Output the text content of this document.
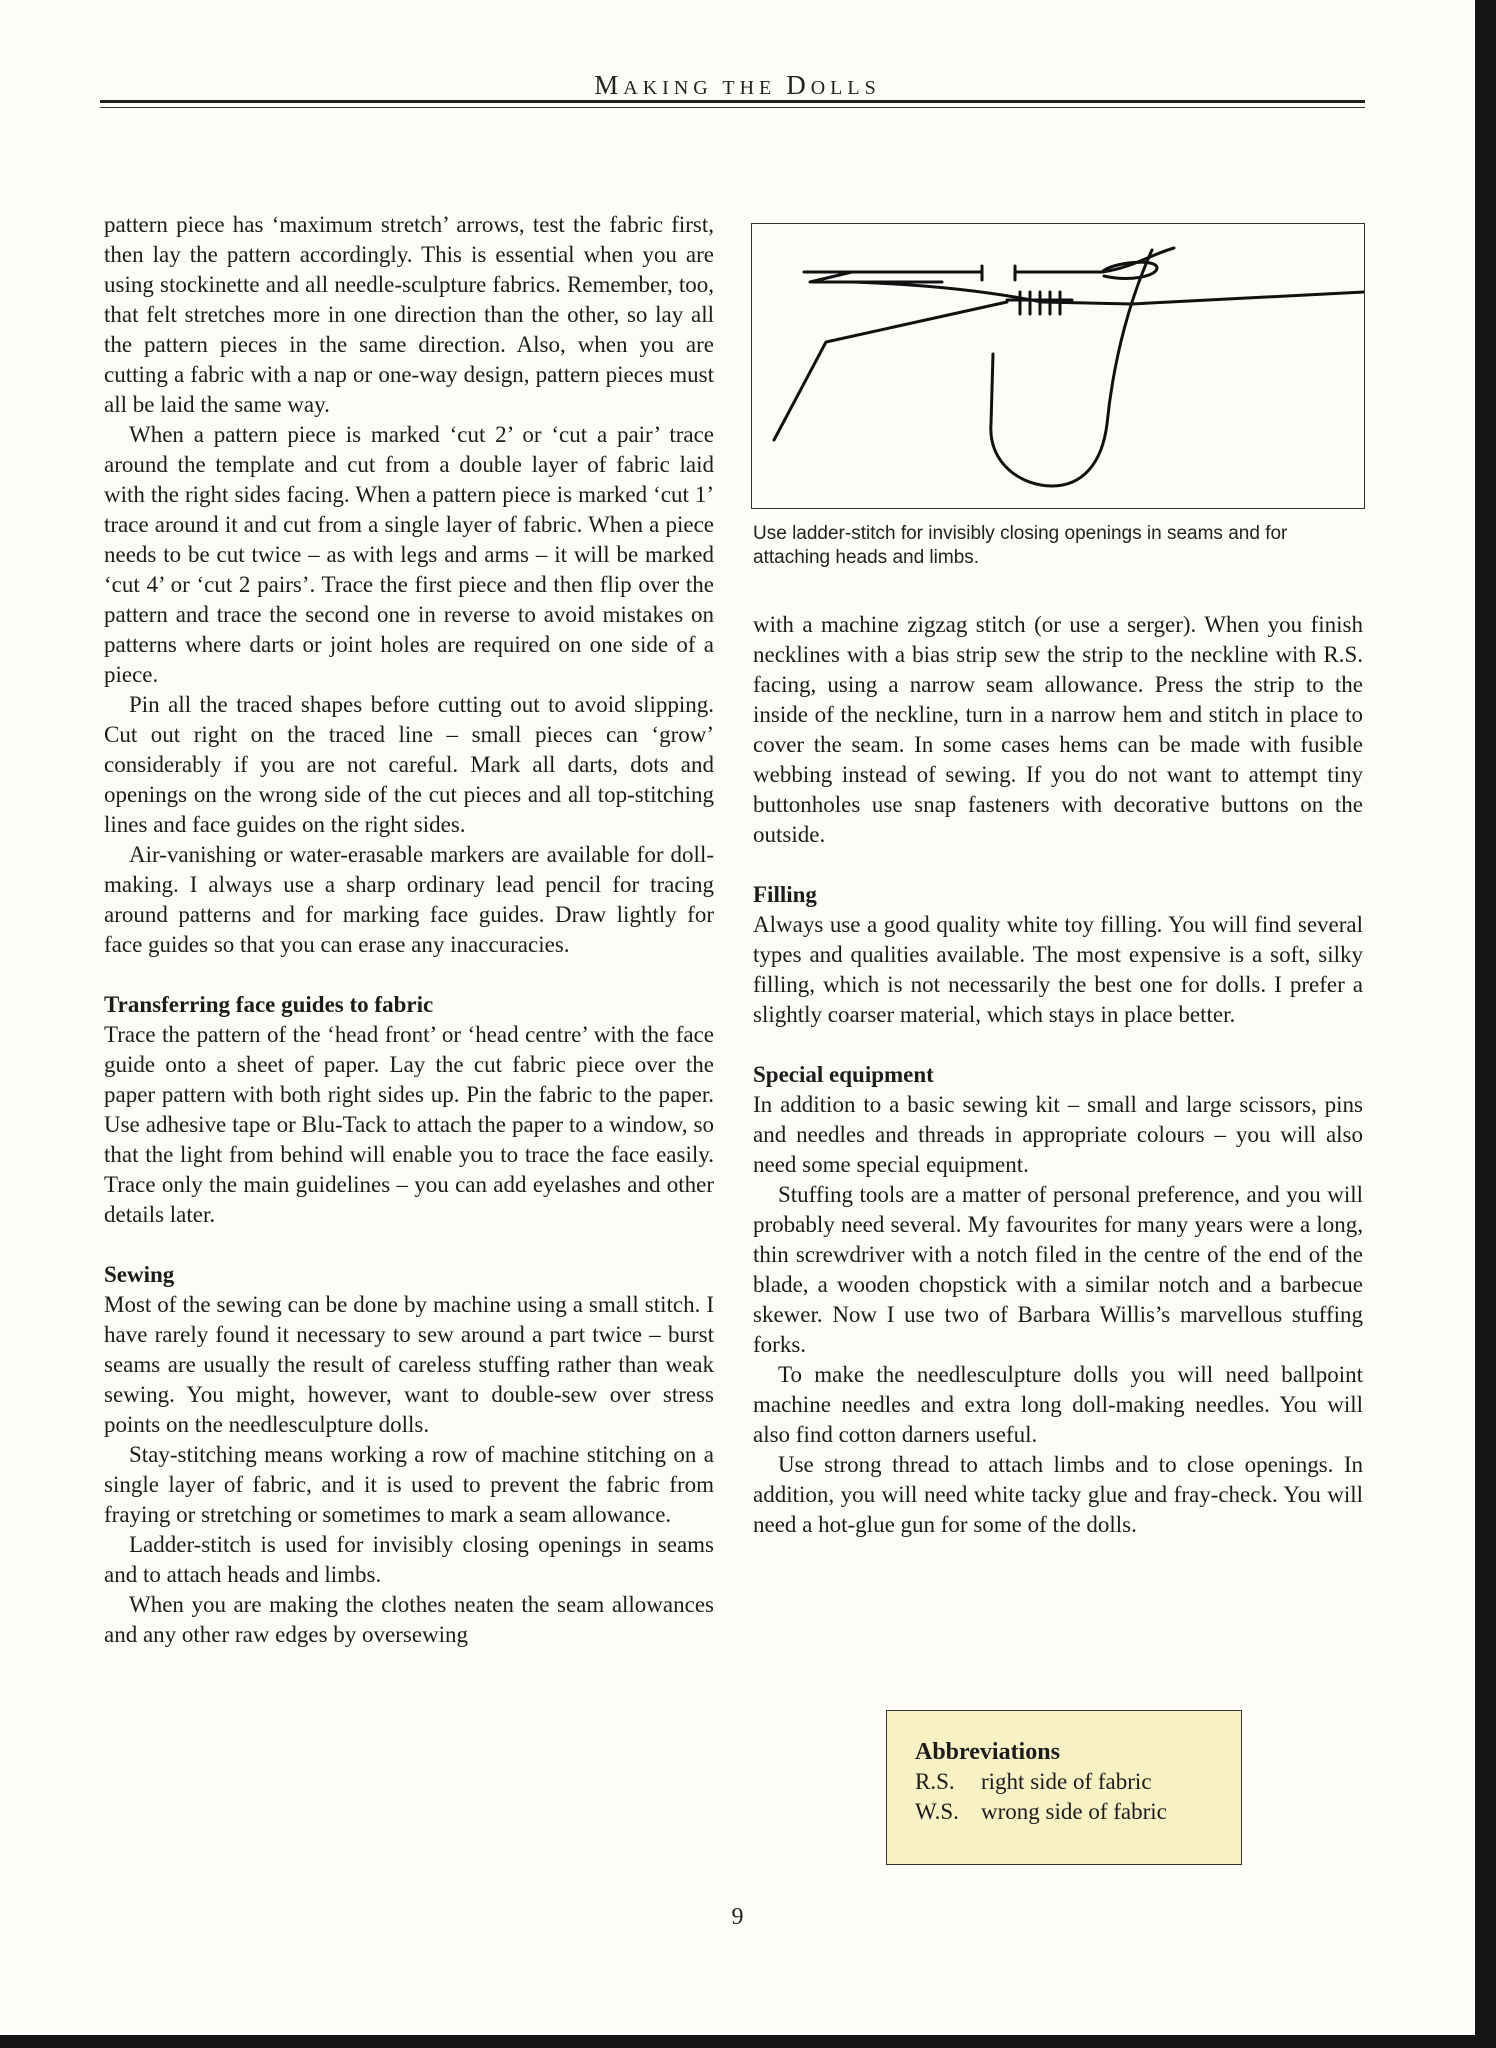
MAKING THE DOLLS

pattern piece has ‘maximum stretch’ arrows, test the fabric first, then lay the pattern accordingly. This is essential when you are using stockinette and all needle-sculpture fabrics. Remember, too, that felt stretches more in one direction than the other, so lay all the pattern pieces in the same direction. Also, when you are cutting a fabric with a nap or one-way design, pattern pieces must all be laid the same way.

When a pattern piece is marked ‘cut 2’ or ‘cut a pair’ trace around the template and cut from a double layer of fabric laid with the right sides facing. When a pattern piece is marked ‘cut 1’ trace around it and cut from a single layer of fabric. When a piece needs to be cut twice – as with legs and arms – it will be marked ‘cut 4’ or ‘cut 2 pairs’. Trace the first piece and then flip over the pattern and trace the second one in reverse to avoid mistakes on patterns where darts or joint holes are required on one side of a piece.

Pin all the traced shapes before cutting out to avoid slipping. Cut out right on the traced line – small pieces can ‘grow’ considerably if you are not careful. Mark all darts, dots and openings on the wrong side of the cut pieces and all top-stitching lines and face guides on the right sides.

Air-vanishing or water-erasable markers are available for doll-making. I always use a sharp ordinary lead pencil for tracing around patterns and for marking face guides. Draw lightly for face guides so that you can erase any inaccuracies.

Transferring face guides to fabric

Trace the pattern of the ‘head front’ or ‘head centre’ with the face guide onto a sheet of paper. Lay the cut fabric piece over the paper pattern with both right sides up. Pin the fabric to the paper. Use adhesive tape or Blu-Tack to attach the paper to a window, so that the light from behind will enable you to trace the face easily. Trace only the main guidelines – you can add eyelashes and other details later.

Sewing

Most of the sewing can be done by machine using a small stitch. I have rarely found it necessary to sew around a part twice – burst seams are usually the result of careless stuffing rather than weak sewing. You might, however, want to double-sew over stress points on the needlesculpture dolls.

Stay-stitching means working a row of machine stitching on a single layer of fabric, and it is used to prevent the fabric from fraying or stretching or sometimes to mark a seam allowance.

Ladder-stitch is used for invisibly closing openings in seams and to attach heads and limbs.

When you are making the clothes neaten the seam allowances and any other raw edges by oversewing

Use ladder-stitch for invisibly closing openings in seams and for attaching heads and limbs.

with a machine zigzag stitch (or use a serger). When you finish necklines with a bias strip sew the strip to the neckline with R.S. facing, using a narrow seam allowance. Press the strip to the inside of the neckline, turn in a narrow hem and stitch in place to cover the seam. In some cases hems can be made with fusible webbing instead of sewing. If you do not want to attempt tiny buttonholes use snap fasteners with decorative buttons on the outside.

Filling

Always use a good quality white toy filling. You will find several types and qualities available. The most expensive is a soft, silky filling, which is not necessarily the best one for dolls. I prefer a slightly coarser material, which stays in place better.

Special equipment

In addition to a basic sewing kit – small and large scissors, pins and needles and threads in appropriate colours – you will also need some special equipment.

Stuffing tools are a matter of personal preference, and you will probably need several. My favourites for many years were a long, thin screwdriver with a notch filed in the centre of the end of the blade, a wooden chopstick with a similar notch and a barbecue skewer. Now I use two of Barbara Willis’s marvellous stuffing forks.

To make the needlesculpture dolls you will need ballpoint machine needles and extra long doll-making needles. You will also find cotton darners useful.

Use strong thread to attach limbs and to close openings. In addition, you will need white tacky glue and fray-check. You will need a hot-glue gun for some of the dolls.

Abbreviations
R.S.	right side of fabric
W.S. wrong side of fabric
9
